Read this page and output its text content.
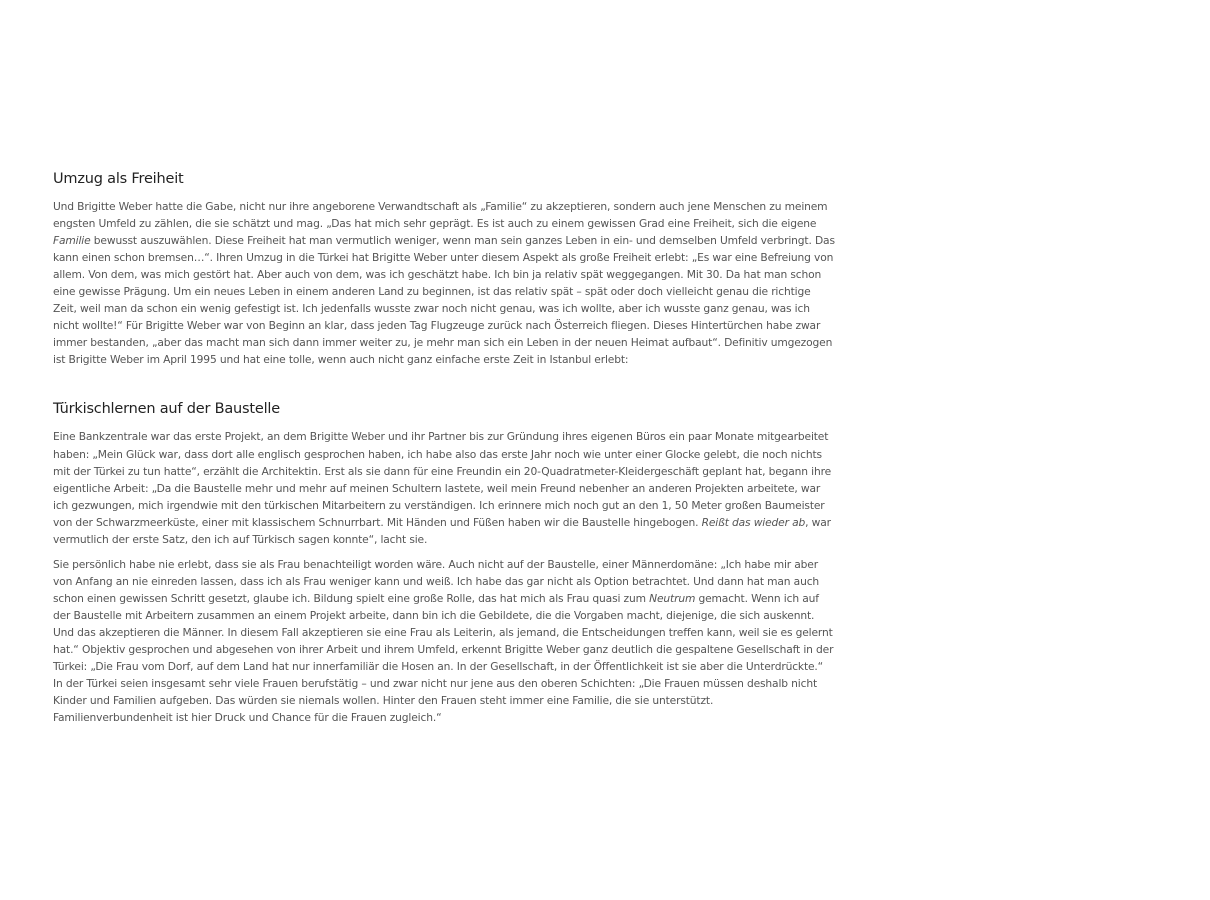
Umzug als Freiheit

Und Brigitte Weber hatte die Gabe, nicht nur ihre angeborene Verwandtschaft als „Familie“ zu akzeptieren, sondern auch jene Menschen zu meinem engsten Umfeld zu zählen, die sie schätzt und mag. „Das hat mich sehr geprägt. Es ist auch zu einem gewissen Grad eine Freiheit, sich die eigene Familie bewusst auszuwählen. Diese Freiheit hat man vermutlich weniger, wenn man sein ganzes Leben in ein- und demselben Umfeld verbringt. Das kann einen schon bremsen…“. Ihren Umzug in die Türkei hat Brigitte Weber unter diesem Aspekt als große Freiheit erlebt: „Es war eine Befreiung von allem. Von dem, was mich gestört hat. Aber auch von dem, was ich geschätzt habe. Ich bin ja relativ spät weggegangen. Mit 30. Da hat man schon eine gewisse Prägung. Um ein neues Leben in einem anderen Land zu beginnen, ist das relativ spät – spät oder doch vielleicht genau die richtige Zeit, weil man da schon ein wenig gefestigt ist. Ich jedenfalls wusste zwar noch nicht genau, was ich wollte, aber ich wusste ganz genau, was ich nicht wollte!“ Für Brigitte Weber war von Beginn an klar, dass jeden Tag Flugzeuge zurück nach Österreich fliegen. Dieses Hintertürchen habe zwar immer bestanden, „aber das macht man sich dann immer weiter zu, je mehr man sich ein Leben in der neuen Heimat aufbaut“. Definitiv umgezogen ist Brigitte Weber im April 1995 und hat eine tolle, wenn auch nicht ganz einfache erste Zeit in Istanbul erlebt:

Türkischlernen auf der Baustelle

Eine Bankzentrale war das erste Projekt, an dem Brigitte Weber und ihr Partner bis zur Gründung ihres eigenen Büros ein paar Monate mitgearbeitet haben: „Mein Glück war, dass dort alle englisch gesprochen haben, ich habe also das erste Jahr noch wie unter einer Glocke gelebt, die noch nichts mit der Türkei zu tun hatte“, erzählt die Architektin. Erst als sie dann für eine Freundin ein 20-Quadratmeter-Kleidergeschäft geplant hat, begann ihre eigentliche Arbeit: „Da die Baustelle mehr und mehr auf meinen Schultern lastete, weil mein Freund nebenher an anderen Projekten arbeitete, war ich gezwungen, mich irgendwie mit den türkischen Mitarbeitern zu verständigen. Ich erinnere mich noch gut an den 1, 50 Meter großen Baumeister von der Schwarzmeerküste, einer mit klassischem Schnurrbart. Mit Händen und Füßen haben wir die Baustelle hingebogen. Reißt das wieder ab, war vermutlich der erste Satz, den ich auf Türkisch sagen konnte“, lacht sie.

Sie persönlich habe nie erlebt, dass sie als Frau benachteiligt worden wäre. Auch nicht auf der Baustelle, einer Männerdomäne: „Ich habe mir aber von Anfang an nie einreden lassen, dass ich als Frau weniger kann und weiß. Ich habe das gar nicht als Option betrachtet. Und dann hat man auch schon einen gewissen Schritt gesetzt, glaube ich. Bildung spielt eine große Rolle, das hat mich als Frau quasi zum Neutrum gemacht. Wenn ich auf der Baustelle mit Arbeitern zusammen an einem Projekt arbeite, dann bin ich die Gebildete, die die Vorgaben macht, diejenige, die sich auskennt. Und das akzeptieren die Männer. In diesem Fall akzeptieren sie eine Frau als Leiterin, als jemand, die Entscheidungen treffen kann, weil sie es gelernt hat.“ Objektiv gesprochen und abgesehen von ihrer Arbeit und ihrem Umfeld, erkennt Brigitte Weber ganz deutlich die gespaltene Gesellschaft in der Türkei: „Die Frau vom Dorf, auf dem Land hat nur innerfamiliär die Hosen an. In der Gesellschaft, in der Öffentlichkeit ist sie aber die Unterdrückte.“ In der Türkei seien insgesamt sehr viele Frauen berufstätig – und zwar nicht nur jene aus den oberen Schichten: „Die Frauen müssen deshalb nicht Kinder und Familien aufgeben. Das würden sie niemals wollen. Hinter den Frauen steht immer eine Familie, die sie unterstützt. Familienverbundenheit ist hier Druck und Chance für die Frauen zugleich.“
